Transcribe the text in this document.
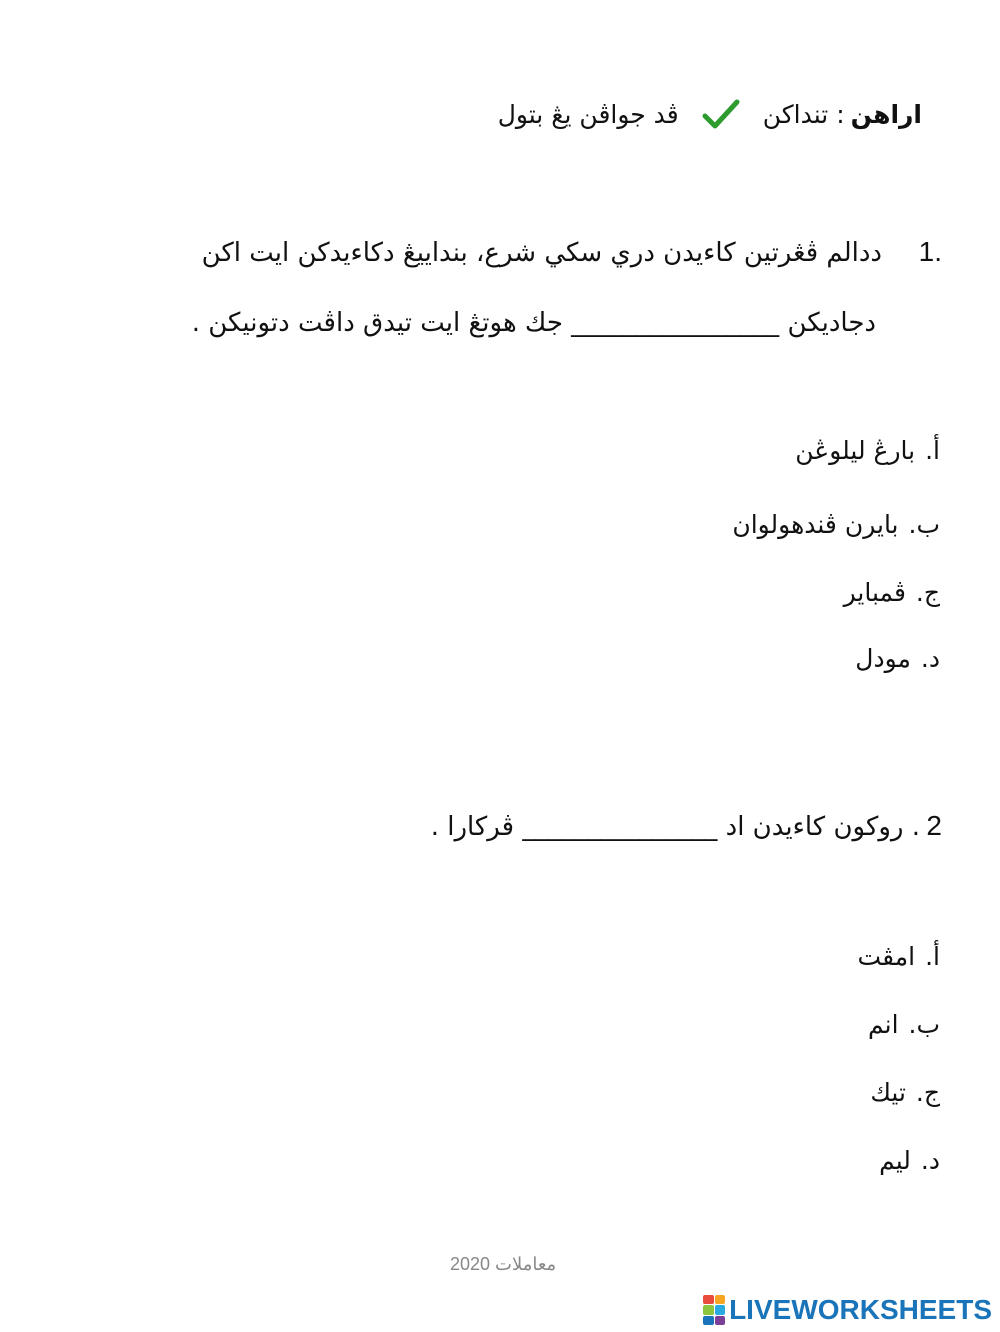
اراهن
: تنداكن
ڤد جواڤن يڠ بتول
1.
ددالم ڤڠرتين كاءيدن دري سكي شرع، بنداييڠ دكاءيدكن ايت اكن
دجاديكن ________________ جك هوتڠ ايت تيدق داڤت دتونيكن .
أ.
بارڠ ليلوڠن
ب.
بايرن ڤندهولوان
ج.
ڤمباير
د.
مودل
2
. روكون كاءيدن اد _______________ ڤركارا .
أ.
امڤت
ب.
انم
ج.
تيك
د.
ليم
معاملات 2020
LIVEWORKSHEETS
